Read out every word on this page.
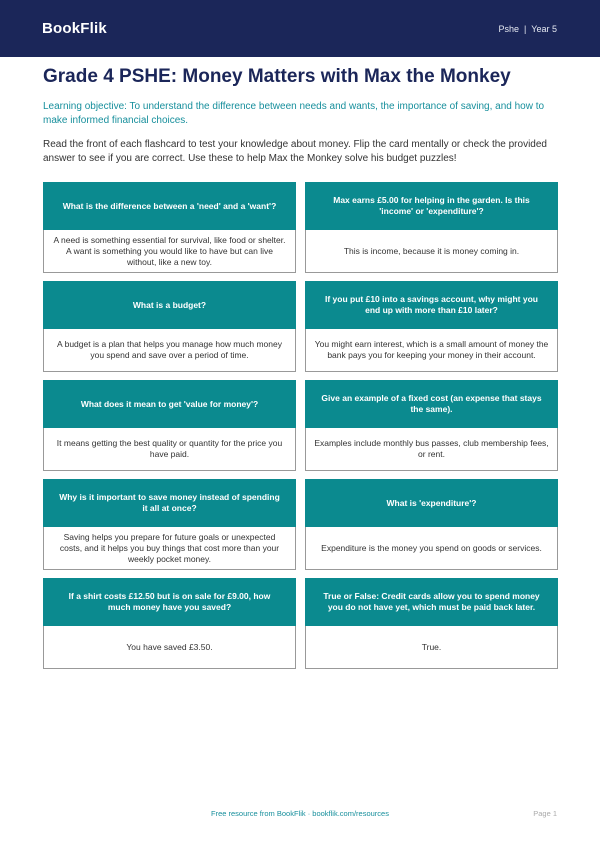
BookFlik	Pshe | Year 5
Grade 4 PSHE: Money Matters with Max the Monkey

Learning objective: To understand the difference between needs and wants, the importance of saving, and how to make informed financial choices.

Read the front of each flashcard to test your knowledge about money. Flip the card mentally or check the provided answer to see if you are correct. Use these to help Max the Monkey solve his budget puzzles!

What is the difference between a 'need' and a 'want'?
A need is something essential for survival, like food or shelter. A want is something you would like to have but can live without, like a new toy.
Max earns £5.00 for helping in the garden. Is this 'income' or 'expenditure'?
This is income, because it is money coming in.
What is a budget?
A budget is a plan that helps you manage how much money you spend and save over a period of time.
If you put £10 into a savings account, why might you end up with more than £10 later?
You might earn interest, which is a small amount of money the bank pays you for keeping your money in their account.
What does it mean to get 'value for money'?
It means getting the best quality or quantity for the price you have paid.
Give an example of a fixed cost (an expense that stays the same).
Examples include monthly bus passes, club membership fees, or rent.
Why is it important to save money instead of spending it all at once?
Saving helps you prepare for future goals or unexpected costs, and it helps you buy things that cost more than your weekly pocket money.
What is 'expenditure'?
Expenditure is the money you spend on goods or services.
If a shirt costs £12.50 but is on sale for £9.00, how much money have you saved?
You have saved £3.50.
True or False: Credit cards allow you to spend money you do not have yet, which must be paid back later.
True.
Free resource from BookFlik · bookflik.com/resources	Page 1
